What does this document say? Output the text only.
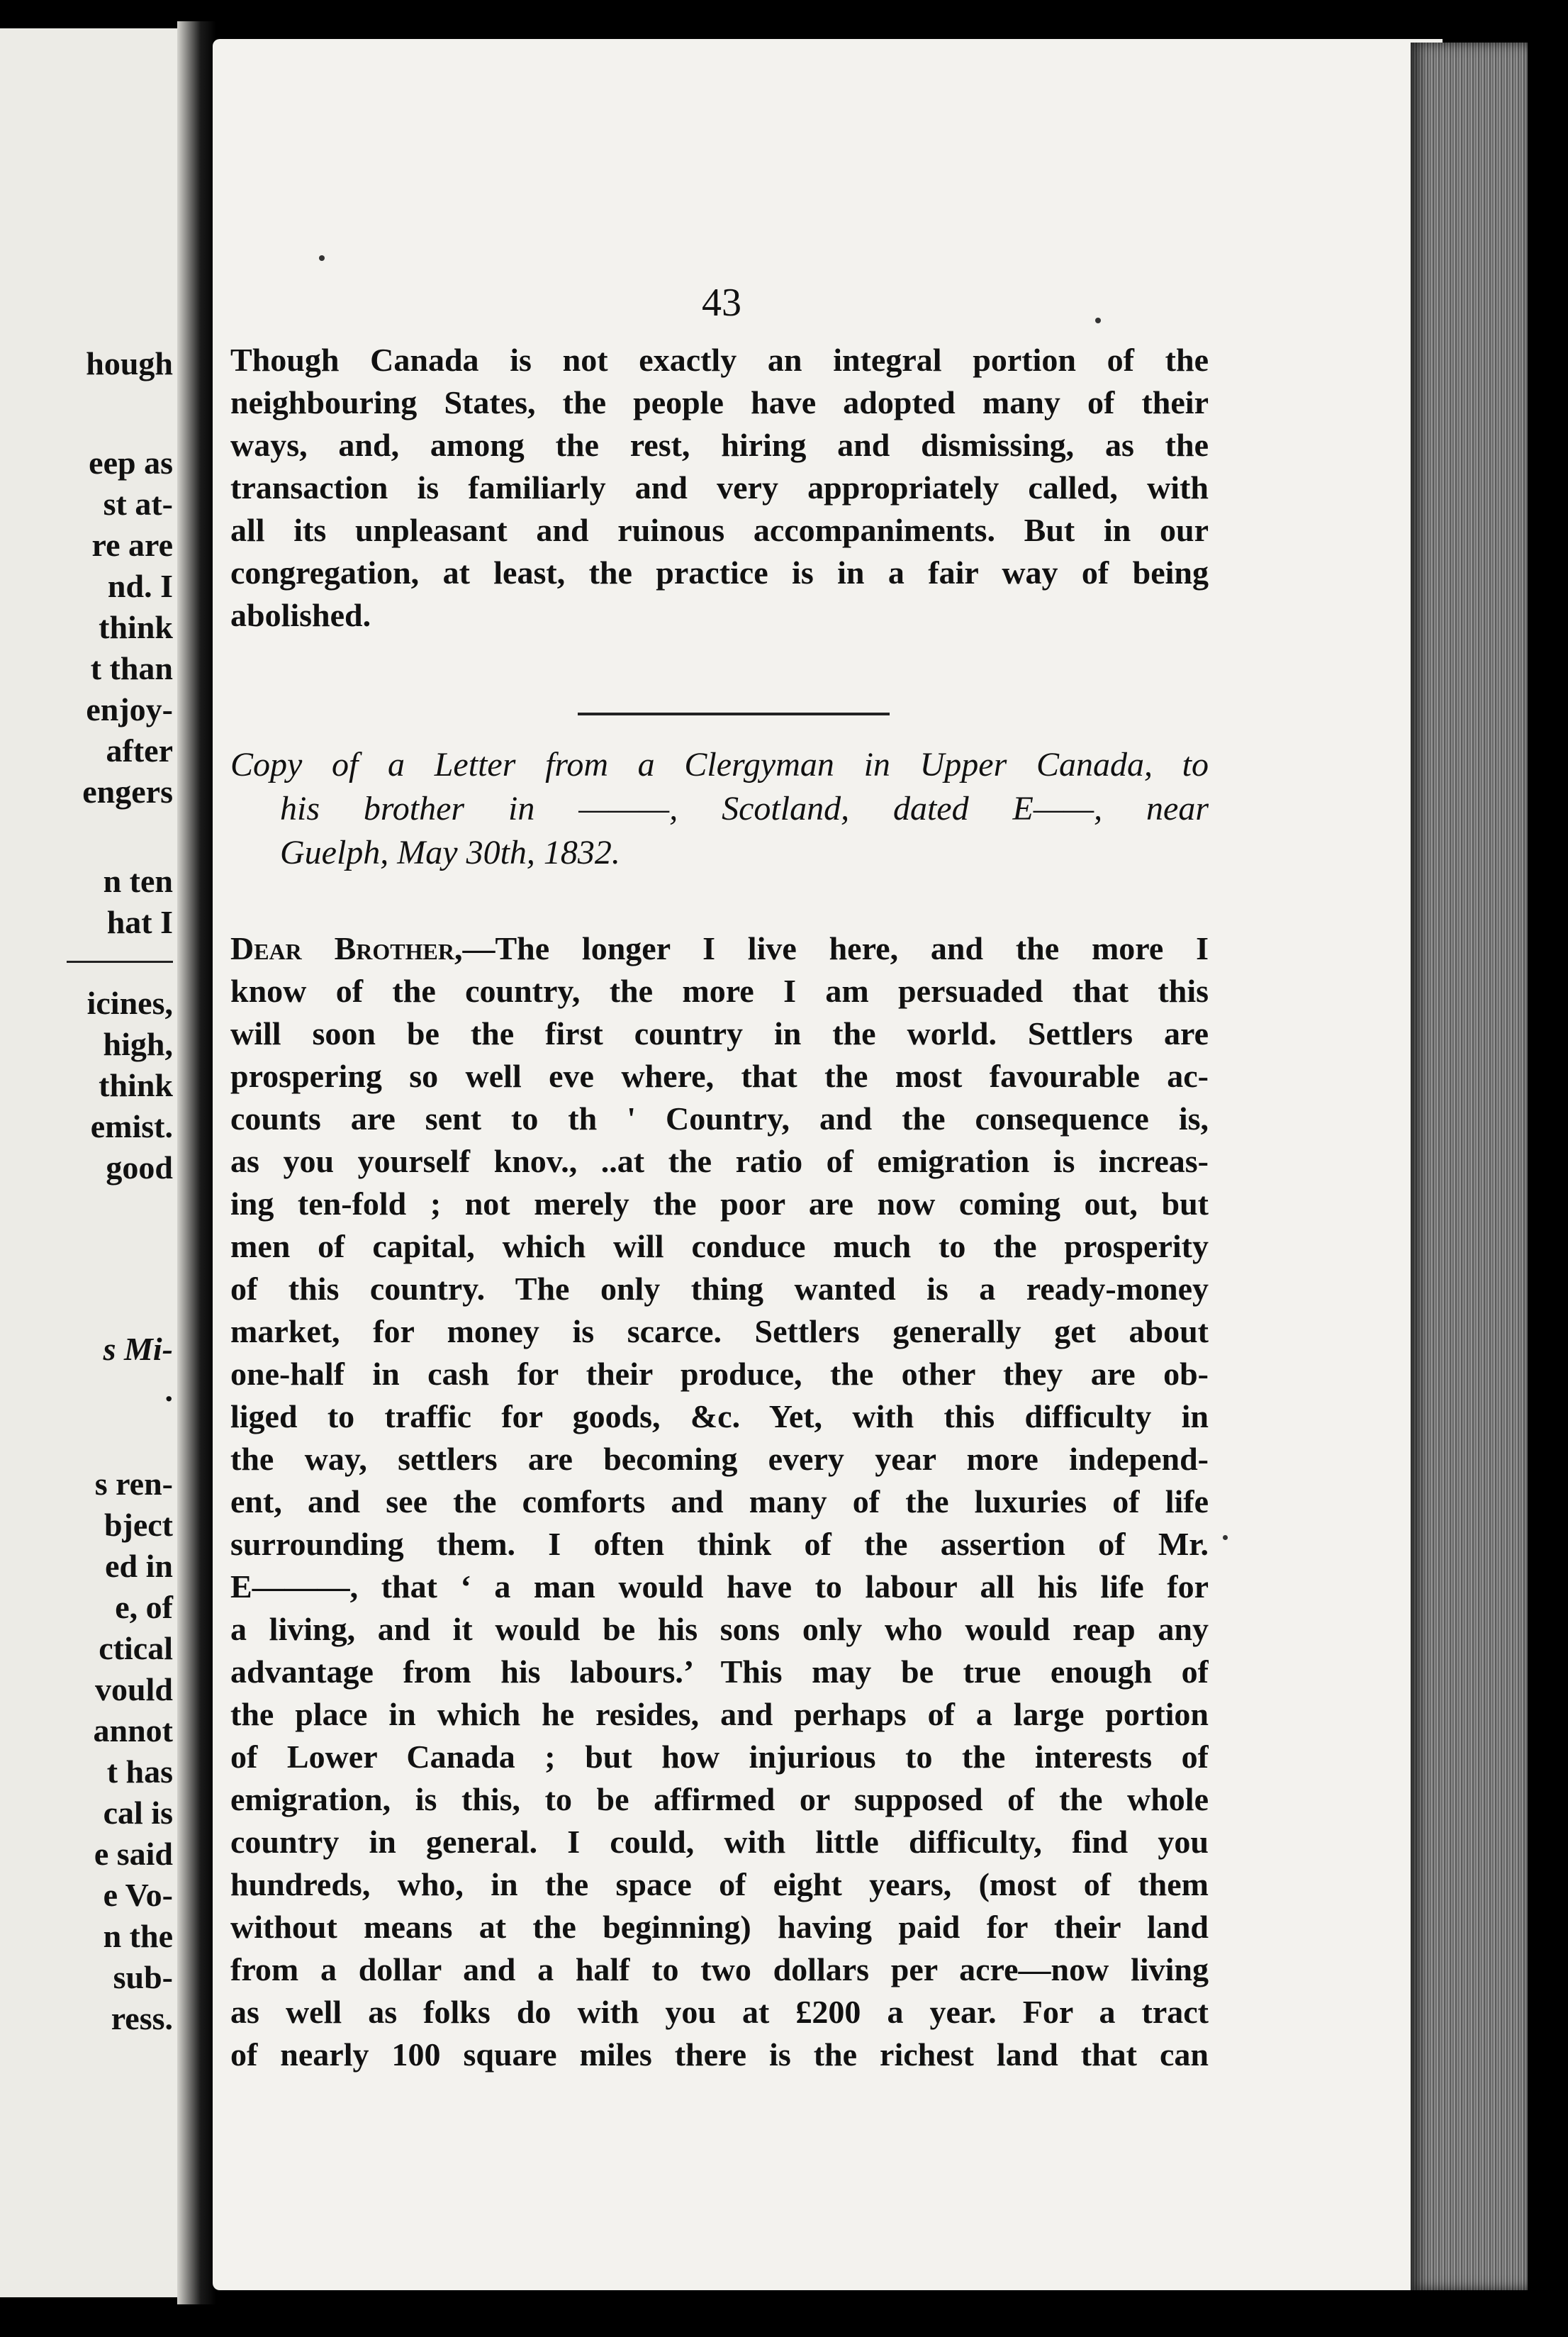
hough

eep as

st at-

re are

nd. I

think

t than

enjoy-

after

engers

n ten

hat I

icines,

high,

think

emist.

good

s Mi-

.

s ren-

bject

ed in

e, of

ctical

vould

annot

t has

cal is

e said

e Vo-

n the

sub-

ress.

43

Though Canada is not exactly an integral portion of the
neighbouring States, the people have adopted many of their
ways, and, among the rest, hiring and dismissing, as the
transaction is familiarly and very appropriately called, with
all its unpleasant and ruinous accompaniments. But in our
congregation, at least, the practice is in a fair way of being
abolished.
Copy of a Letter from a Clergyman in Upper Canada, to
his brother in ———, Scotland, dated E——, near
Guelph, May 30th, 1832.
Dear Brother,—The longer I live here, and the more I
know of the country, the more I am persuaded that this
will soon be the first country in the world. Settlers are
prospering so well eve where, that the most favourable ac-
counts are sent to th ' Country, and the consequence is,
as you yourself knov., ..at the ratio of emigration is increas-
ing ten-fold ; not merely the poor are now coming out, but
men of capital, which will conduce much to the prosperity
of this country. The only thing wanted is a ready-money
market, for money is scarce. Settlers generally get about
one-half in cash for their produce, the other they are ob-
liged to traffic for goods, &c. Yet, with this difficulty in
the way, settlers are becoming every year more independ-
ent, and see the comforts and many of the luxuries of life
surrounding them. I often think of the assertion of Mr.
E———, that ‘ a man would have to labour all his life for
a living, and it would be his sons only who would reap any
advantage from his labours.’ This may be true enough of
the place in which he resides, and perhaps of a large portion
of Lower Canada ; but how injurious to the interests of
emigration, is this, to be affirmed or supposed of the whole
country in general. I could, with little difficulty, find you
hundreds, who, in the space of eight years, (most of them
without means at the beginning) having paid for their land
from a dollar and a half to two dollars per acre—now living
as well as folks do with you at £200 a year. For a tract
of nearly 100 square miles there is the richest land that can
